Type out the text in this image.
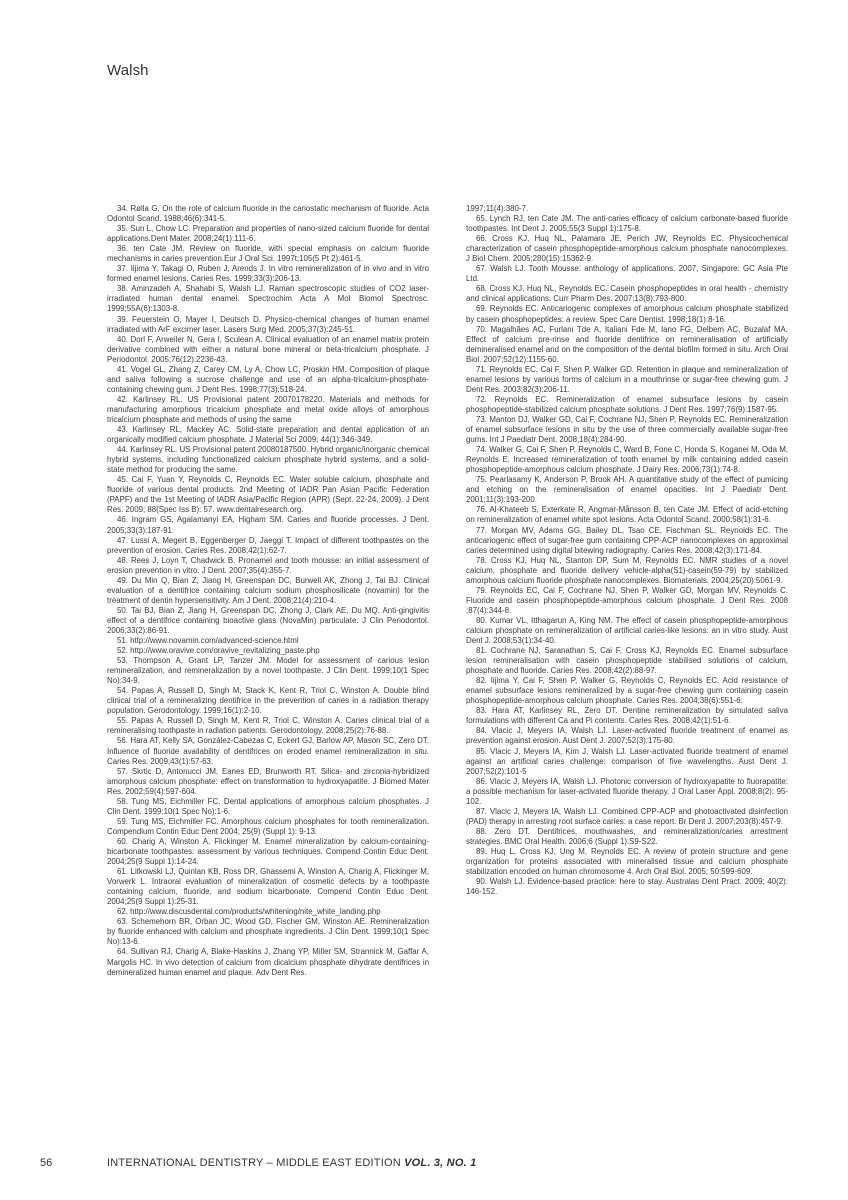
Walsh

34. Rølla G. On the role of calcium fluoride in the cariostatic mechanism of fluoride. Acta Odontol Scand. 1988;46(6):341-5.

35. Sun L, Chow LC. Preparation and properties of nano-sized calcium fluoride for dental applications.Dent Mater. 2008;24(1):111-6.

36. ten Cate JM. Review on fluoride, with special emphasis on calcium fluoride mechanisms in caries prevention.Eur J Oral Sci. 1997t;105(5 Pt 2):461-5.

37. Iijima Y, Takagi O, Ruben J, Arends J. In vitro remineralization of in vivo and in vitro formed enamel lesions. Caries Res. 1999;33(3):206-13.

38. Aminzadeh A, Shahabi S, Walsh LJ. Raman spectroscopic studies of CO2 laser-irradiated human dental enamel. Spectrochim Acta A Mol Biomol Spectrosc. 1999;55A(6):1303-8.

39. Feuerstein O, Mayer I, Deutsch D. Physico-chemical changes of human enamel irradiated with ArF excimer laser. Lasers Surg Med. 2005;37(3):245-51.

40. Dorl F, Arweiler N, Gera I, Sculean A. Clinical evaluation of an enamel matrix protein derivative combined with either a natural bone mineral or beta-tricalcium phosphate. J Periodontol. 2005;76(12):2236-43.

41. Vogel GL, Zhang Z, Carey CM, Ly A, Chow LC, Proskin HM. Composition of plaque and saliva following a sucrose challenge and use of an alpha-tricalcium-phosphate-containing chewing gum. J Dent Res. 1998;77(3):518-24.

42. Karlinsey RL. US Provisional patent 20070178220. Materials and methods for manufacturing amorphous tricalcium phosphate and metal oxide alloys of amorphous tricalcium phosphate and methods of using the same

43. Karlinsey RL, Mackey AC. Solid-state preparation and dental application of an organically modified calcium phosphate. J Material Sci 2009; 44(1):346-349.

44. Karlinsey RL. US Provisional patent 20080187500. Hybrid organic/inorganic chemical hybrid systems, including functionalized calcium phosphate hybrid systems, and a solid-state method for producing the same.

45. Cai F, Yuan Y, Reynolds C, Reynolds EC. Water soluble calcium, phosphate and fluoride of various dental products. 2nd Meeting of IADR Pan Asian Pacific Federation (PAPF) and the 1st Meeting of IADR Asia/Pacific Region (APR) (Sept. 22-24, 2009). J Dent Res. 2009; 88(Spec Iss B): 57. www.dentalresearch.org.

46. Ingram GS, Agalamanyi EA, Higham SM. Caries and fluoride processes. J Dent. 2005;33(3):187-91.

47. Lussi A, Megert B, Eggenberger D, Jaeggi T. Impact of different toothpastes on the prevention of erosion. Caries Res. 2008;42(1):62-7.

48. Rees J, Loyn T, Chadwick B. Pronamel and tooth mousse: an initial assessment of erosion prevention in vitro. J Dent. 2007;35(4):355-7.

49. Du Min Q, Bian Z, Jiang H, Greenspan DC, Burwell AK, Zhong J, Tai BJ. Clinical evaluation of a dentifrice containing calcium sodium phosphosilicate (novamin) for the treatment of dentin hypersensitivity. Am J Dent. 2008;21(4):210-4.

50. Tai BJ, Bian Z, Jiang H, Greenspan DC, Zhong J, Clark AE, Du MQ. Anti-gingivitis effect of a dentifrice containing bioactive glass (NovaMin) particulate. J Clin Periodontol. 2006;33(2):86-91.

51. http://www.novamin.com/advanced-science.html

52. http://www.oravive.com/oravive_revitalizing_paste.php

53. Thompson A, Grant LP, Tanzer JM. Model for assessment of carious lesion remineralization, and remineralization by a novel toothpaste. J Clin Dent. 1999;10(1 Spec No):34-9.

54. Papas A, Russell D, Singh M, Stack K, Kent R, Triol C, Winston A. Double blind clinical trial of a remineralizing dentifrice in the prevention of caries in a radiation therapy population. Gerodontology. 1999;16(1):2-10.

55. Papas A, Russell D, Singh M, Kent R, Triol C, Winston A. Caries clinical trial of a remineralising toothpaste in radiation patients. Gerodontology. 2008;25(2):76-88.

56. Hara AT, Kelly SA, González-Cabezas C, Eckert GJ, Barlow AP, Mason SC, Zero DT. Influence of fluoride availability of dentifrices on eroded enamel remineralization in situ. Caries Res. 2009;43(1):57-63.

57. Skrtic D, Antonucci JM, Eanes ED, Brunworth RT. Silica- and zirconia-hybridized amorphous calcium phosphate: effect on transformation to hydroxyapatite. J Biomed Mater Res. 2002;59(4):597-604.

58. Tung MS, Eichmiller FC. Dental applications of amorphous calcium phosphates. J Clin Dent. 1999;10(1 Spec No):1-6.

59. Tung MS, Eichmiller FC. Amorphous calcium phosphates for tooth remineralization. Compendium Contin Educ Dent 2004; 25(9) (Suppl 1): 9-13.

60. Charig A, Winston A, Flickinger M. Enamel mineralization by calcium-containing-bicarbonate toothpastes: assessment by various techniques. Compend Contin Educ Dent. 2004;25(9 Suppl 1):14-24.

61. Litkowski LJ, Quinlan KB, Ross DR, Ghassemi A, Winston A, Charig A, Flickinger M, Vorwerk L. Intraoral evaluation of mineralization of cosmetic defects by a toothpaste containing calcium, fluoride, and sodium bicarbonate. Compend Contin Educ Dent. 2004;25(9 Suppl 1):25-31.

62. http://www.discusdental.com/products/whitening/nite_white_landing.php

63. Schemehorn BR, Orban JC, Wood GD, Fischer GM, Winston AE. Remineralization by fluoride enhanced with calcium and phosphate ingredients. J Clin Dent. 1999;10(1 Spec No):13-6.

64. Sullivan RJ, Charig A, Blake-Haskins J, Zhang YP, Miller SM, Strannick M, Gaffar A, Margolis HC. In vivo detection of calcium from dicalcium phosphate dihydrate dentifrices in demineralized human enamel and plaque. Adv Dent Res.

1997;11(4):380-7.

65. Lynch RJ, ten Cate JM. The anti-caries efficacy of calcium carbonate-based fluoride toothpastes. Int Dent J. 2005;55(3 Suppl 1):175-8.

66. Cross KJ, Huq NL, Palamara JE, Perich JW, Reynolds EC. Physicochemical characterization of casein phosphopeptide-amorphous calcium phosphate nanocomplexes. J Biol Chem. 2005;280(15):15362-9.

67. Walsh LJ. Tooth Mousse: anthology of applications. 2007, Singapore: GC Asia Pte Ltd.

68. Cross KJ, Huq NL, Reynolds EC. Casein phosphopeptides in oral health - chemistry and clinical applications. Curr Pharm Des. 2007;13(8):793-800.

69. Reynolds EC. Anticariogenic complexes of amorphous calcium phosphate stabilized by casein phosphopeptides: a review. Spec Care Dentist. 1998;18(1):8-16.

70. Magalhães AC, Furlani Tde A, Italiani Fde M, Iano FG, Delbem AC, Buzalaf MA. Effect of calcium pre-rinse and fluoride dentifrice on remineralisation of artificially demineralised enamel and on the composition of the dental biofilm formed in situ. Arch Oral Biol. 2007;52(12):1155-60.

71. Reynolds EC, Cai F, Shen P, Walker GD. Retention in plaque and remineralization of enamel lesions by various forms of calcium in a mouthrinse or sugar-free chewing gum. J Dent Res. 2003;82(3):206-11.

72. Reynolds EC. Remineralization of enamel subsurface lesions by casein phosphopeptide-stabilized calcium phosphate solutions. J Dent Res. 1997;76(9):1587-95.

73. Manton DJ, Walker GD, Cai F, Cochrane NJ, Shen P, Reynolds EC. Remineralization of enamel subsurface lesions in situ by the use of three commercially available sugar-free gums. Int J Paediatr Dent. 2008;18(4):284-90.

74. Walker G, Cai F, Shen P, Reynolds C, Ward B, Fone C, Honda S, Koganei M, Oda M, Reynolds E. Increased remineralization of tooth enamel by milk containing added casein phosphopeptide-amorphous calcium phosphate. J Dairy Res. 2006;73(1):74-8.

75. Pearlasamy K, Anderson P, Brook AH. A quantitative study of the effect of pumicing and etching on the remineralisation of enamel opacities. Int J Paediatr Dent. 2001;11(3):193-200.

76. Al-Khateeb S, Exterkate R, Angmar-Månsson B, ten Cate JM. Effect of acid-etching on remineralization of enamel white spot lesions. Acta Odontol Scand. 2000;58(1):31-6.

77. Morgan MV, Adams GG, Bailey DL, Tsao CE, Fischman SL, Reynolds EC. The anticariogenic effect of sugar-free gum containing CPP-ACP nanocomplexes on approximal caries determined using digital bitewing radiography. Caries Res. 2008;42(3):171-84.

78. Cross KJ, Huq NL, Stanton DP, Sum M, Reynolds EC. NMR studies of a novel calcium, phosphate and fluoride delivery vehicle-alpha(S1)-casein(59-79) by stabilized amorphous calcium fluoride phosphate nanocomplexes. Biomaterials. 2004;25(20):5061-9.

79. Reynolds EC, Cai F, Cochrane NJ, Shen P, Walker GD, Morgan MV, Reynolds C. Fluoride and casein phosphopeptide-amorphous calcium phosphate. J Dent Res. 2008 ;87(4):344-8.

80. Kumar VL, Itthagarun A, King NM. The effect of casein phosphopeptide-amorphous calcium phosphate on remineralization of artificial caries-like lesions: an in vitro study. Aust Dent J. 2008;53(1):34-40.

81. Cochrane NJ, Saranathan S, Cai F, Cross KJ, Reynolds EC. Enamel subsurface lesion remineralisation with casein phosphopeptide stabilised solutions of calcium, phosphate and fluoride. Caries Res. 2008;42(2):88-97.

82. Iijima Y, Cai F, Shen P, Walker G, Reynolds C, Reynolds EC. Acid resistance of enamel subsurface lesions remineralized by a sugar-free chewing gum containing casein phosphopeptide-amorphous calcium phosphate. Caries Res. 2004;38(6):551-6.

83. Hara AT, Karlinsey RL, Zero DT. Dentine remineralization by simulated saliva formulations with different Ca and Pi contents. Caries Res. 2008;42(1):51-6.

84. Vlacic J, Meyers IA, Walsh LJ. Laser-activated fluoride treatment of enamel as prevention against erosion. Aust Dent J. 2007;52(3):175-80.

85. Vlacic J, Meyers IA, Kim J, Walsh LJ. Laser-activated fluoride treatment of enamel against an artificial caries challenge: comparison of five wavelengths. Aust Dent J. 2007;52(2):101-5

86. Vlacic J, Meyers IA, Walsh LJ. Photonic conversion of hydroxyapatite to fluorapatite: a possible mechanism for laser-activated fluoride therapy. J Oral Laser Appl. 2008;8(2): 95-102.

87. Vlacic J, Meyers IA, Walsh LJ. Combined CPP-ACP and photoactivated disinfection (PAD) therapy in arresting root surface caries: a case report. Br Dent J. 2007;203(8):457-9.

88. Zero DT. Dentifrices, mouthwashes, and remineralization/caries arrestment strategies. BMC Oral Health. 2006;6 (Suppl 1):S9-S22.

89. Huq L, Cross KJ, Ung M, Reynolds EC. A review of protein structure and gene organization for proteins associated with mineralised tissue and calcium phosphate stabilization encoded on human chromosome 4. Arch Oral Biol. 2005; 50:599-609.

90. Walsh LJ. Evidence-based practice: here to stay. Australas Dent Pract. 2009; 40(2): 146-152.

56	INTERNATIONAL DENTISTRY – MIDDLE EAST EDITION VOL. 3, NO. 1
